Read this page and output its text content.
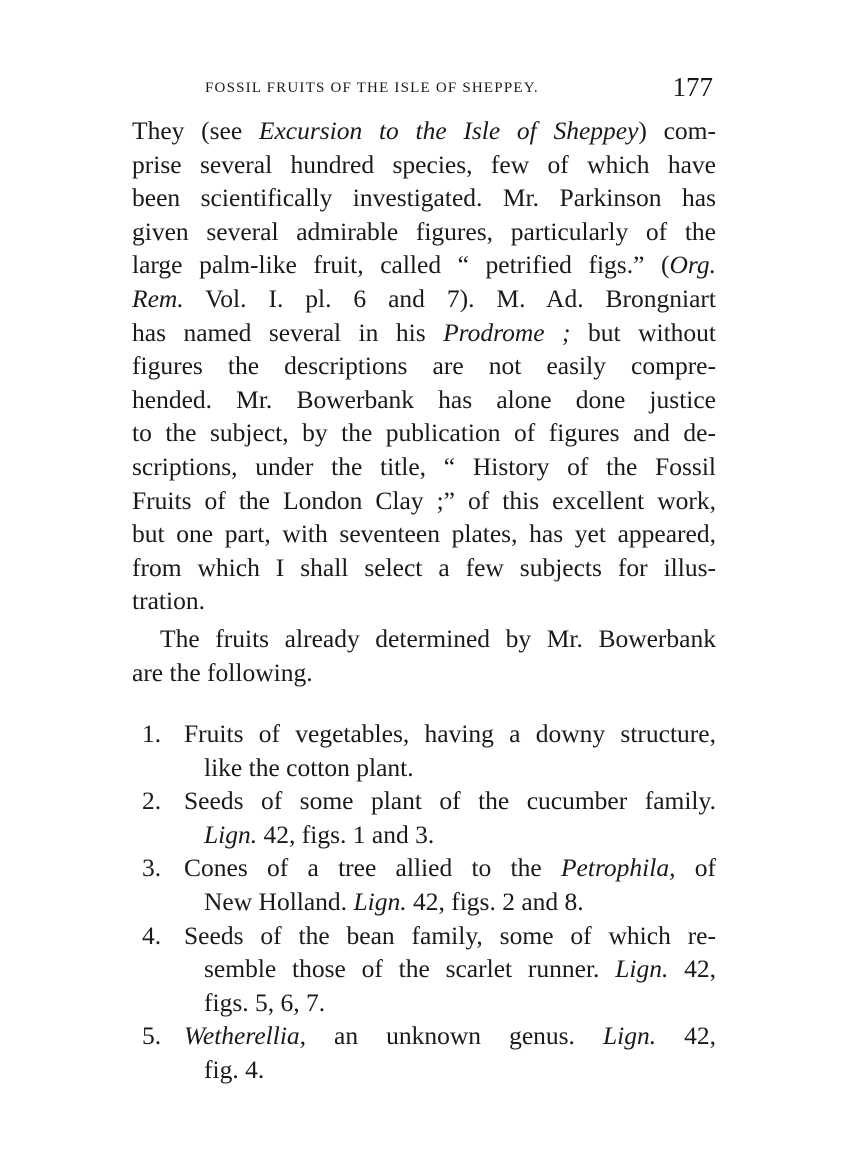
FOSSIL FRUITS OF THE ISLE OF SHEPPEY.	177
They (see Excursion to the Isle of Sheppey) com-
prise several hundred species, few of which have
been scientifically investigated. Mr. Parkinson has
given several admirable figures, particularly of the
large palm-like fruit, called “ petrified figs.” (Org.
Rem. Vol. I. pl. 6 and 7). M. Ad. Brongniart
has named several in his Prodrome ; but without
figures the descriptions are not easily compre-
hended. Mr. Bowerbank has alone done justice
to the subject, by the publication of figures and de-
scriptions, under the title, “ History of the Fossil
Fruits of the London Clay ;” of this excellent work,
but one part, with seventeen plates, has yet appeared,
from which I shall select a few subjects for illus-
tration.
The fruits already determined by Mr. Bowerbank
are the following.
1. Fruits of vegetables, having a downy structure,
like the cotton plant.
2. Seeds of some plant of the cucumber family.
Lign. 42, figs. 1 and 3.
3. Cones of a tree allied to the Petrophila, of
New Holland. Lign. 42, figs. 2 and 8.
4. Seeds of the bean family, some of which re-
semble those of the scarlet runner. Lign. 42,
figs. 5, 6, 7.
5. Wetherellia, an unknown genus. Lign. 42,
fig. 4.
